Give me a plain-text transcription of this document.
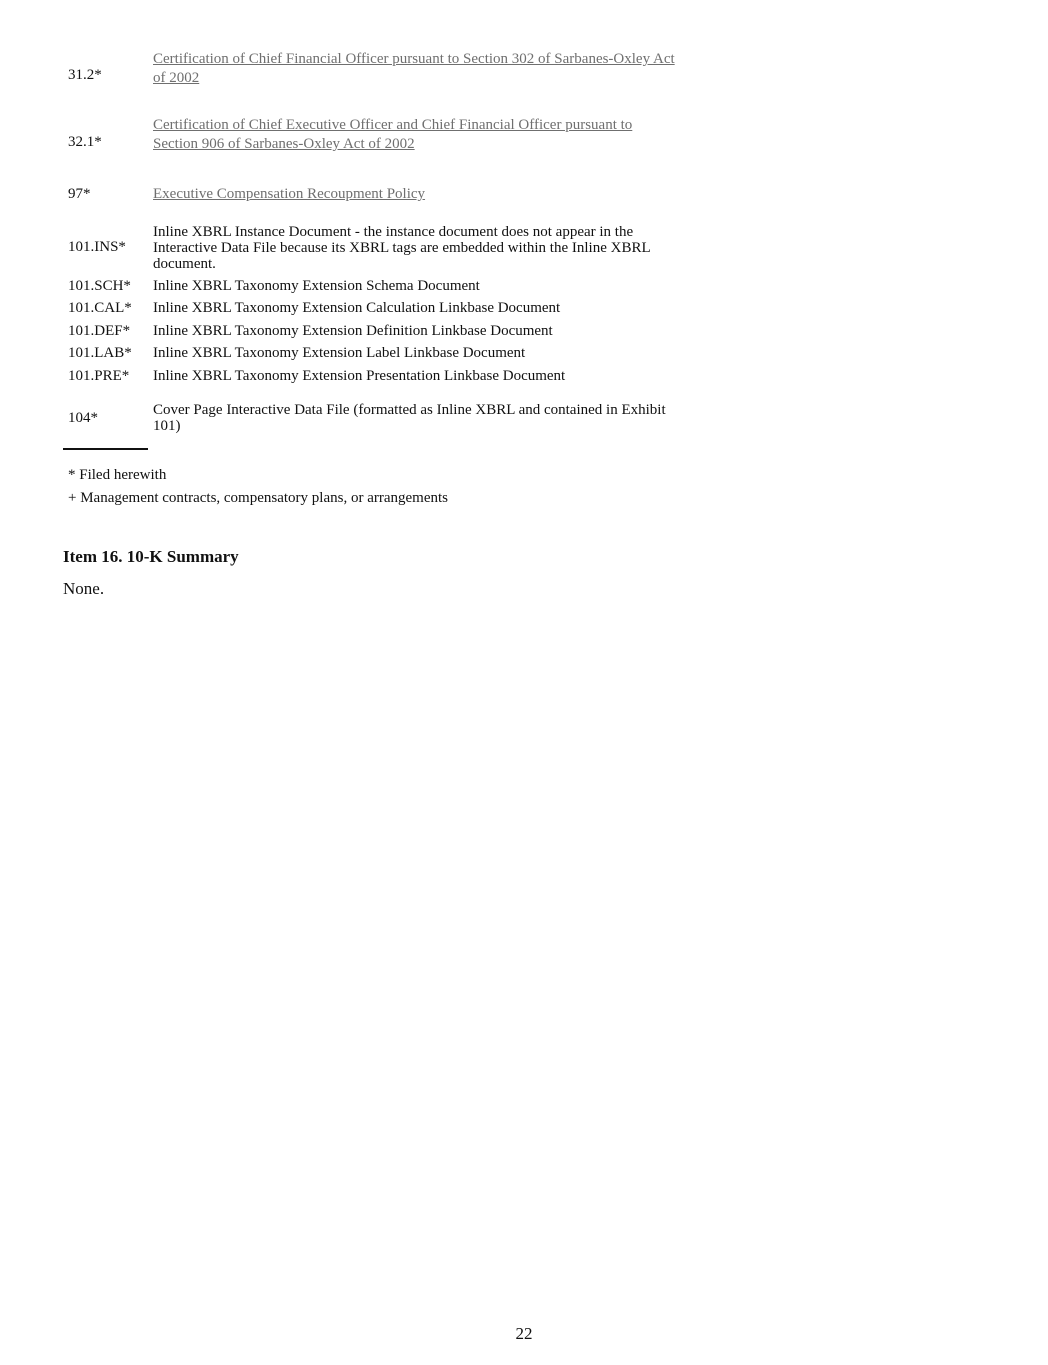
31.2*
Certification of Chief Financial Officer pursuant to Section 302 of Sarbanes-Oxley Act
of 2002
32.1*
Certification of Chief Executive Officer and Chief Financial Officer pursuant to
Section 906 of Sarbanes-Oxley Act of 2002
97*	Executive Compensation Recoupment Policy
101.INS*
Inline XBRL Instance Document - the instance document does not appear in the
Interactive Data File because its XBRL tags are embedded within the Inline XBRL
document.
101.SCH* Inline XBRL Taxonomy Extension Schema Document
101.CAL* Inline XBRL Taxonomy Extension Calculation Linkbase Document
101.DEF* Inline XBRL Taxonomy Extension Definition Linkbase Document
101.LAB* Inline XBRL Taxonomy Extension Label Linkbase Document
101.PRE* Inline XBRL Taxonomy Extension Presentation Linkbase Document
104*	Cover Page Interactive Data File (formatted as Inline XBRL and contained in Exhibit
101)
* Filed herewith
+ Management contracts, compensatory plans, or arrangements
Item 16. 10-K Summary
None.
22
